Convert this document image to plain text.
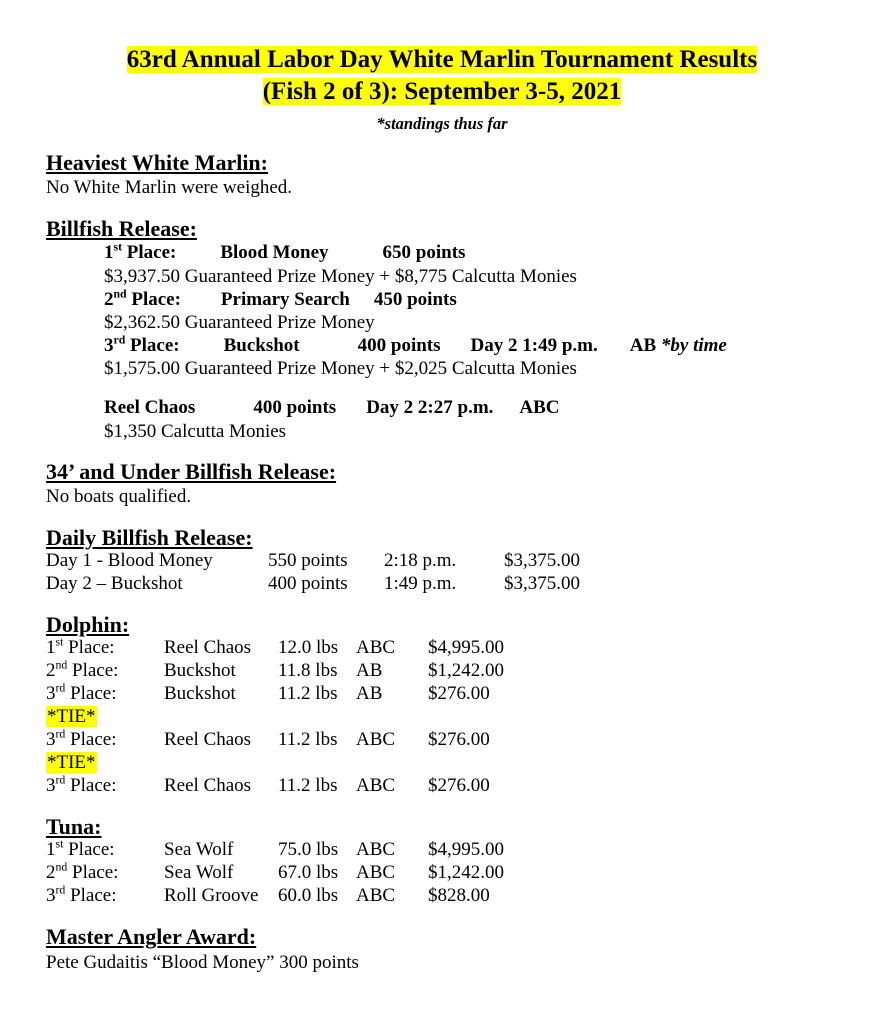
63rd Annual Labor Day White Marlin Tournament Results
(Fish 2 of 3): September 3-5, 2021
*standings thus far
Heaviest White Marlin:
No White Marlin were weighed.
Billfish Release:
1st Place: Blood Money	650 points
$3,937.50 Guaranteed Prize Money + $8,775 Calcutta Monies
2nd Place: Primary Search 450 points
$2,362.50 Guaranteed Prize Money
3rd Place: Buckshot	400 points Day 2 1:49 p.m. AB *by time
$1,575.00 Guaranteed Prize Money + $2,025 Calcutta Monies
Reel Chaos	400 points Day 2 2:27 p.m. ABC
$1,350 Calcutta Monies
34’ and Under Billfish Release:
No boats qualified.
Daily Billfish Release:
Day 1 - Blood Money	550 points	2:18 p.m.	$3,375.00
Day 2 – Buckshot	400 points	1:49 p.m.	$3,375.00
Dolphin:
1st Place:	Reel Chaos	12.0 lbs	ABC	$4,995.00
2nd Place:	Buckshot	11.8 lbs	AB	$1,242.00
3rd Place:	Buckshot	11.2 lbs	AB	$276.00
*TIE*
3rd Place:	Reel Chaos	11.2 lbs	ABC	$276.00
*TIE*
3rd Place:	Reel Chaos	11.2 lbs	ABC	$276.00
Tuna:
1st Place:	Sea Wolf	75.0 lbs	ABC	$4,995.00
2nd Place:	Sea Wolf	67.0 lbs	ABC	$1,242.00
3rd Place:	Roll Groove	60.0 lbs	ABC	$828.00
Master Angler Award:
Pete Gudaitis “Blood Money” 300 points
